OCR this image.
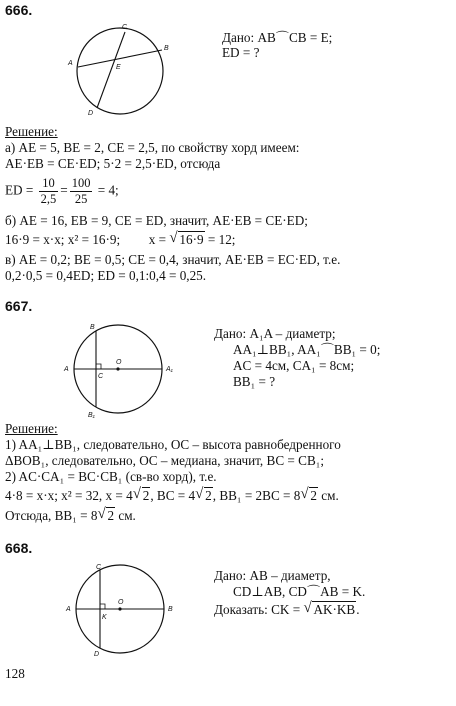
666.
A
B
C
D
E
Дано: AB⌒CB = E;
ED = ?
Решение:
а) AE = 5, BE = 2, CE = 2,5, по свойству хорд имеем:
AE·EB = CE·ED; 5·2 = 2,5·ED, отсюда
ED = $\frac{10}{2,5} = \frac{100}{25} = 4$;
б) AE = 16, EB = 9, CE = ED, значит, AE·EB = CE·ED;
16·9 = x·x; x² = 16·9; x = √ 16·9 = 12;
в) AE = 0,2; BE = 0,5; CE = 0,4, значит, AE·EB = EC·ED, т.е.
0,2·0,5 = 0,4ED; ED = 0,1:0,4 = 0,25.
667.
A	A₁
B
B₁
C
O
Дано: A₁A – диаметр;
AA₁⊥BB₁, AA₁⌒BB₁ = 0;
AC = 4см, CA₁ = 8см;
BB₁ = ?
Решение:
1) AA₁⊥BB₁, следовательно, OC – высота равнобедренного
ΔBOB₁, следовательно, OC – медиана, значит, BC = CB₁;
2) AC·CA₁ = BC·CB₁ (св-во хорд), т.е.
4·8 = x·x; x² = 32, x = 4 √ 2, BC = 4 √ 2, BB₁ = 2BC = 8 √ 2 см.
Отсюда, BB₁ = 8 √ 2 см.
668.
A	B
C
D
K
O
Дано: AB – диаметр,
CD⊥AB, CD⌒AB = K.
Доказать: CK = √ AK·KB.
128
